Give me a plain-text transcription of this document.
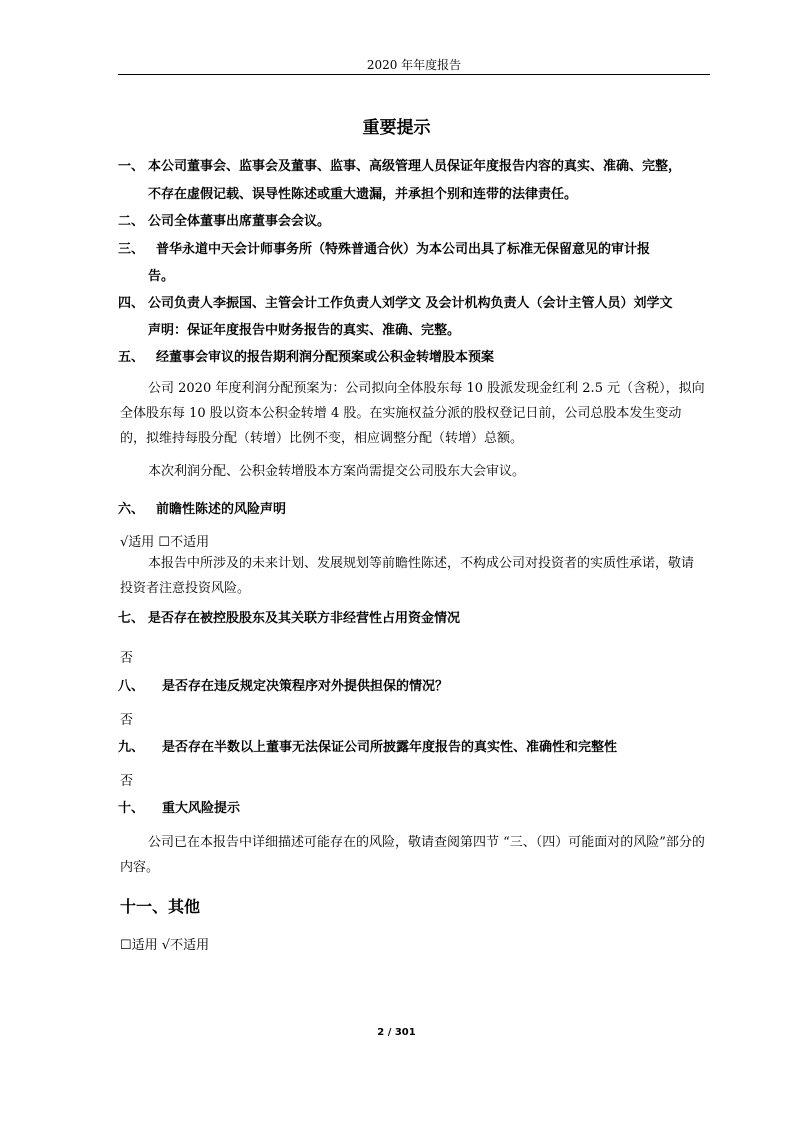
2020 年年度报告
重要提示
一、 本公司董事会、监事会及董事、监事、高级管理人员保证年度报告内容的真实、准确、完整，
不存在虚假记载、误导性陈述或重大遗漏，并承担个别和连带的法律责任。
二、 公司全体董事出席董事会会议。
三、 普华永道中天会计师事务所（特殊普通合伙）为本公司出具了标准无保留意见的审计报
告。
四、 公司负责人李振国、主管会计工作负责人刘学文 及会计机构负责人（会计主管人员）刘学文
声明：保证年度报告中财务报告的真实、准确、完整。
五、 经董事会审议的报告期利润分配预案或公积金转增股本预案
公司 2020 年度利润分配预案为：公司拟向全体股东每 10 股派发现金红利 2.5 元（含税），拟向全体股东每 10 股以资本公积金转增 4 股。在实施权益分派的股权登记日前，公司总股本发生变动的，拟维持每股分配（转增）比例不变，相应调整分配（转增）总额。
本次利润分配、公积金转增股本方案尚需提交公司股东大会审议。
六、 前瞻性陈述的风险声明
√适用 ☐不适用
本报告中所涉及的未来计划、发展规划等前瞻性陈述，不构成公司对投资者的实质性承诺，敬请投资者注意投资风险。
七、 是否存在被控股股东及其关联方非经营性占用资金情况
否
八、 是否存在违反规定决策程序对外提供担保的情况？
否
九、 是否存在半数以上董事无法保证公司所披露年度报告的真实性、准确性和完整性
否
十、 重大风险提示
公司已在本报告中详细描述可能存在的风险，敬请查阅第四节 “三、（四）可能面对的风险”部分的内容。
十一、其他
☐适用 √不适用
2 / 301
